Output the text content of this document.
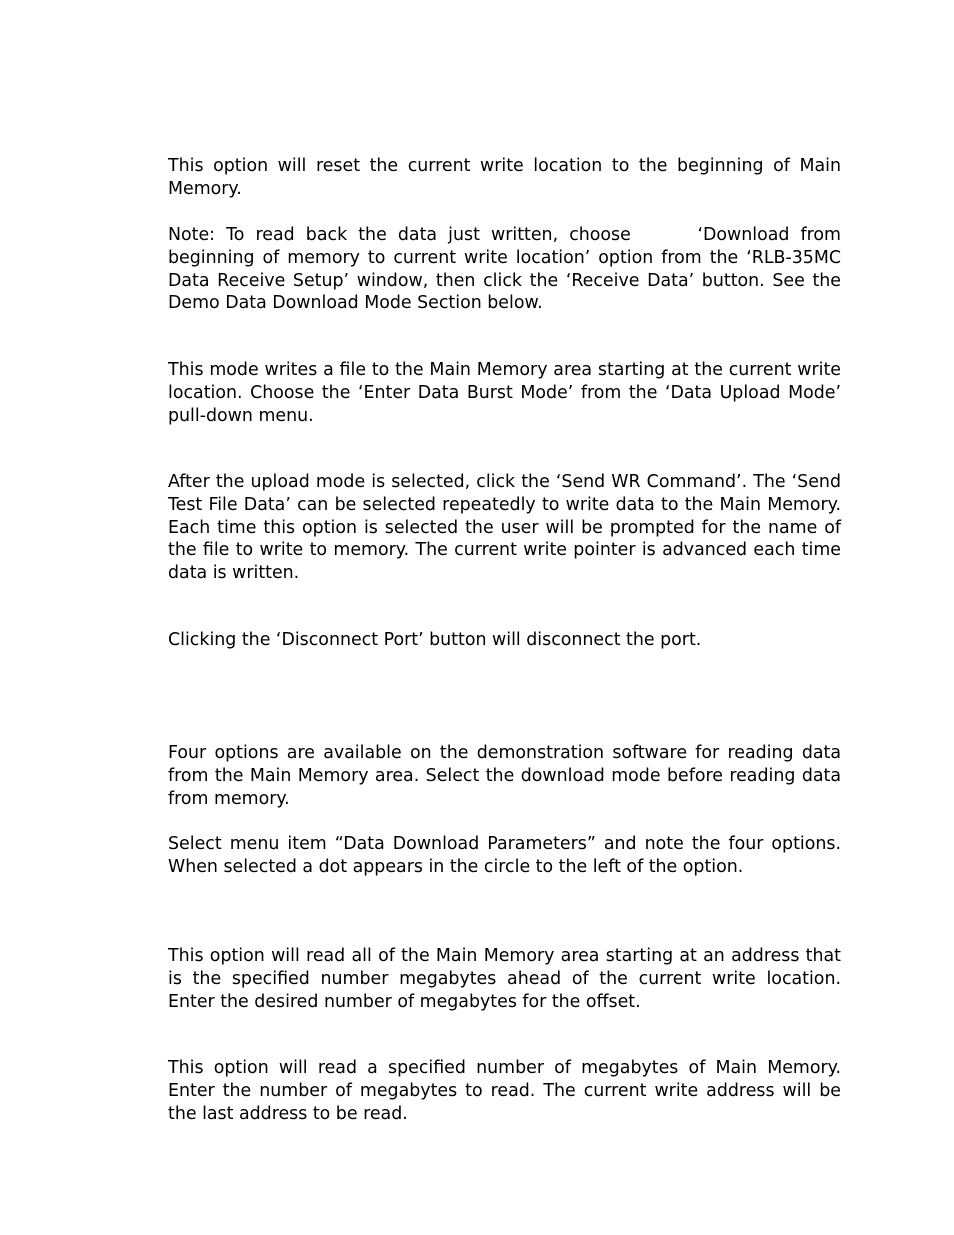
This option will reset the current write location to the beginning of Main Memory.

Note: To read back the data just written, choose      ‘Download from beginning of memory to current write location’ option from the ‘RLB-35MC Data Receive Setup’ window, then click the ‘Receive Data’ button. See the Demo Data Download Mode Section below.

This mode writes a file to the Main Memory area starting at the current write location. Choose the ‘Enter Data Burst Mode’ from the ‘Data Upload Mode’ pull-down menu.

After the upload mode is selected, click the ‘Send WR Command’. The ‘Send Test File Data’ can be selected repeatedly to write data to the Main Memory. Each time this option is selected the user will be prompted for the name of the file to write to memory. The current write pointer is advanced each time data is written.

Clicking the ‘Disconnect Port’ button will disconnect the port.

Four options are available on the demonstration software for reading data from the Main Memory area. Select the download mode before reading data from memory.

Select menu item “Data Download Parameters” and note the four options. When selected a dot appears in the circle to the left of the option.

This option will read all of the Main Memory area starting at an address that is the specified number megabytes ahead of the current write location. Enter the desired number of megabytes for the offset.

This option will read a specified number of megabytes of Main Memory. Enter the number of megabytes to read. The current write address will be the last address to be read.
